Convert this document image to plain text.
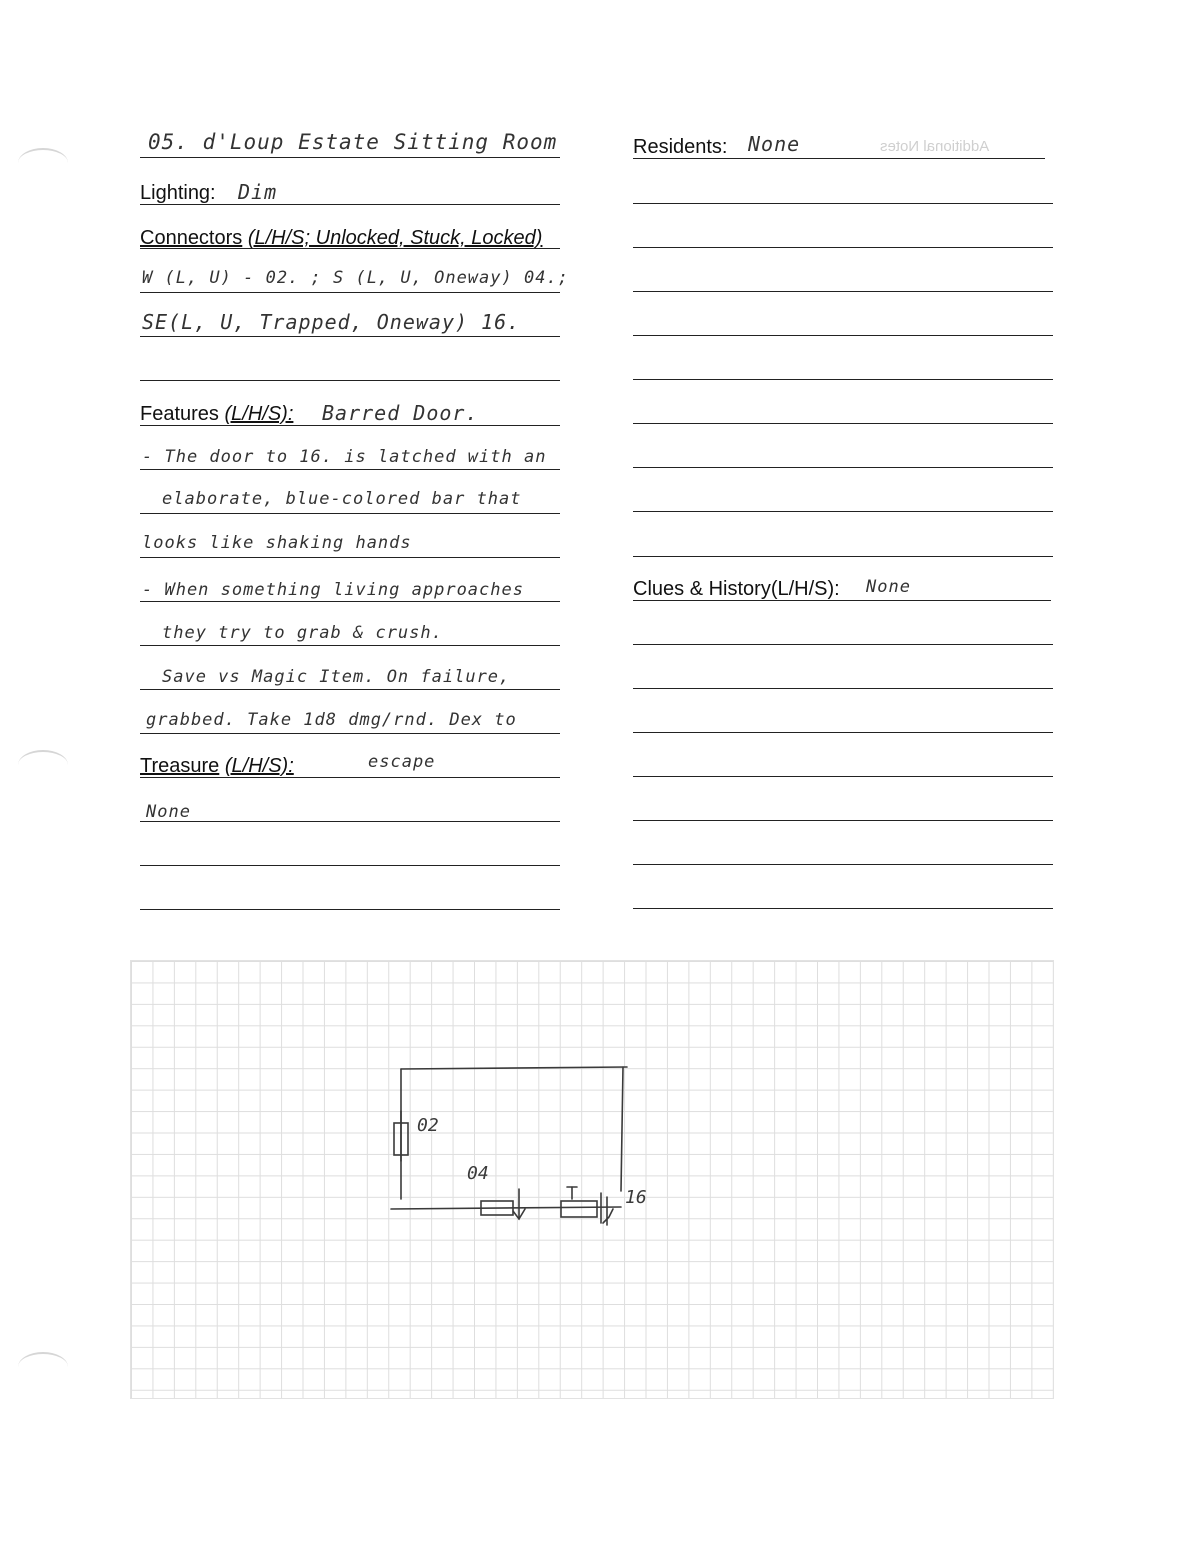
05. d'Loup Estate Sitting Room
Lighting: Dim
Connectors (L/H/S; Unlocked, Stuck, Locked)
W (L, U) - 02. ; S (L, U, Oneway) 04.;
SE(L, U, Trapped, Oneway) 16.
Features (L/H/S): Barred Door.
- The door to 16. is latched with an
elaborate, blue-colored bar that
looks like shaking hands
- When something living approaches
they try to grab & crush.
Save vs Magic Item. On failure,
grabbed. Take 1d8 dmg/rnd. Dex to
Treasure (L/H/S):	escape
None
Additional Notes
Residents: None
Clues & History(L/H/S): None
02
04
16
